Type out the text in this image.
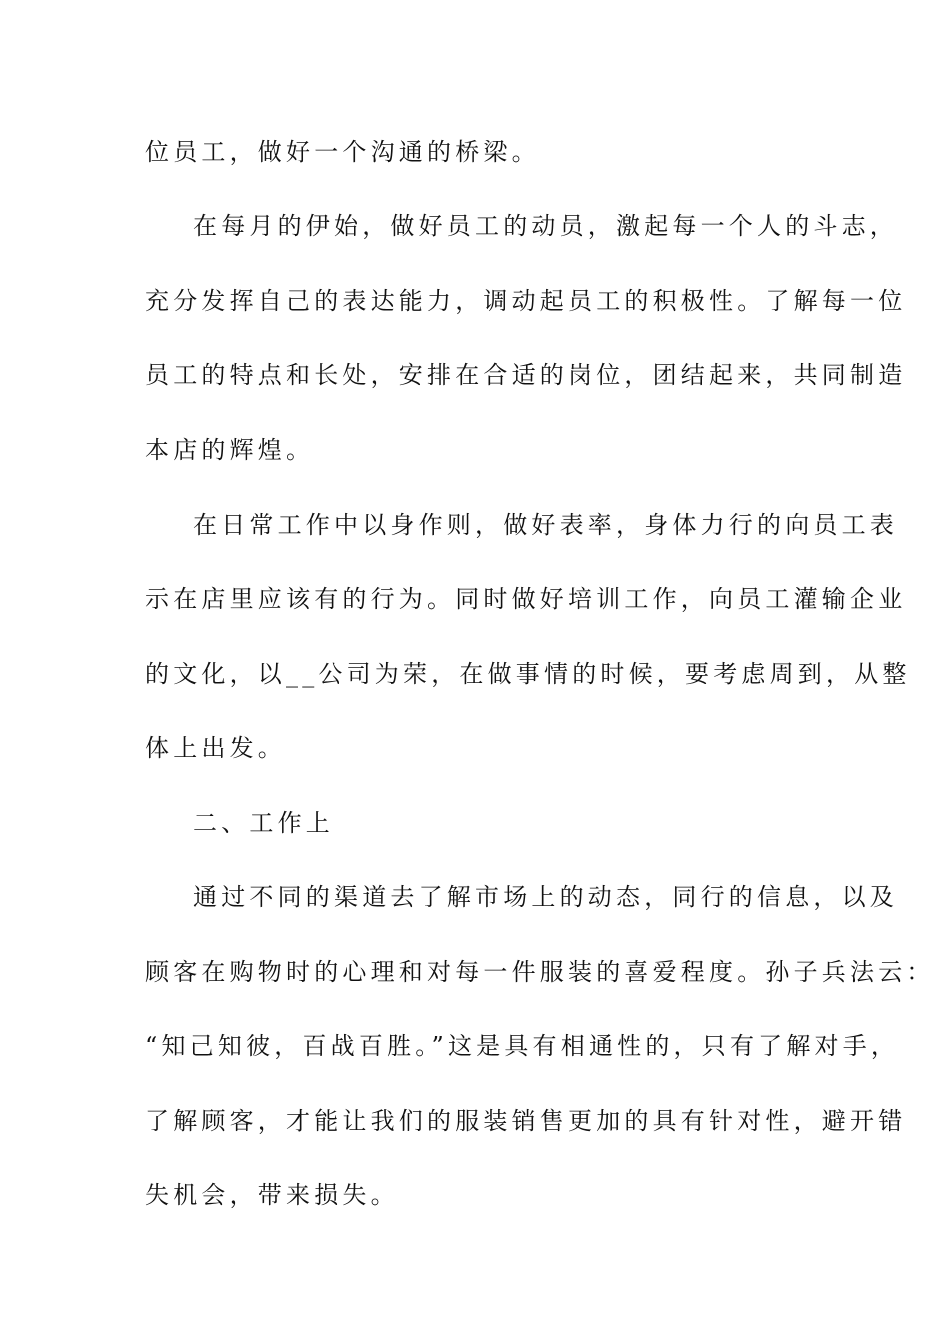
位员工，做好一个沟通的桥梁。
在每月的伊始，做好员工的动员，激起每一个人的斗志，
充分发挥自己的表达能力，调动起员工的积极性。了解每一位
员工的特点和长处，安排在合适的岗位，团结起来，共同制造
本店的辉煌。
在日常工作中以身作则，做好表率，身体力行的向员工表
示在店里应该有的行为。同时做好培训工作，向员工灌输企业
的文化，以__公司为荣，在做事情的时候，要考虑周到，从整
体上出发。
二、工作上
通过不同的渠道去了解市场上的动态，同行的信息，以及
顾客在购物时的心理和对每一件服装的喜爱程度。孙子兵法云：
“知己知彼，百战百胜。”这是具有相通性的，只有了解对手，
了解顾客，才能让我们的服装销售更加的具有针对性，避开错
失机会，带来损失。
